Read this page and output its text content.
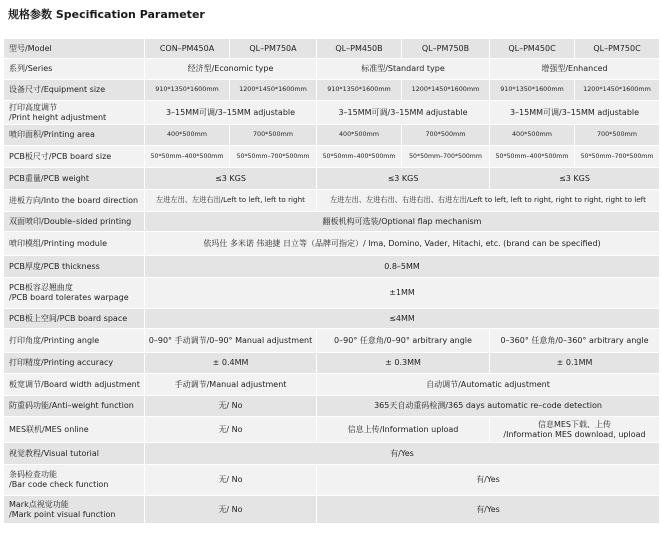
规格参数 Specification Parameter
型号/Model	CON–PM450A	QL–PM750A	QL–PM450B	QL–PM750B	QL–PM450C	QL–PM750C
系列/Series	经济型/Economic type		标准型/Standard type		增强型/Enhanced	
设备尺寸/Equipment size	910*1350*1600mm	1200*1450*1600mm	910*1350*1600mm	1200*1450*1600mm	910*1350*1600mm	1200*1450*1600mm

打印高度调节
/Print height adjustment	3–15MM可调/3–15MM adjustable		3–15MM可调/3–15MM adjustable		3–15MM可调/3–15MM adjustable	
喷印面积/Printing area	400*500mm	700*500mm	400*500mm	700*500mm	400*500mm	700*500mm
PCB板尺寸/PCB board size	50*50mm–400*500mm	50*50mm–700*500mm	50*50mm–400*500mm	50*50mm–700*500mm	50*50mm–400*500mm	50*50mm–700*500mm
PCB重量/PCB weight	≤3 KGS		≤3 KGS		≤3 KGS	
进板方向/Into the board direction	左进左出、左进右出/Left to left, left to right		左进左出、左进右出、右进右出、右进左出/Left to left, left to right, right to right, right to left			
双面喷印/Double–sided printing	翻板机构可选装/Optional flap mechanism					
喷印模组/Printing module	依玛仕 多米诺 伟迪捷 日立等（品牌可指定）/ Ima, Domino, Vader, Hitachi, etc. (brand can be specified)					
PCB厚度/PCB thickness	0.8–5MM					

PCB板容忍翘曲度
/PCB board tolerates warpage	±1MM					
PCB板上空间/PCB board space	≤4MM					
打印角度/Printing angle	0–90° 手动调节/0–90° Manual adjustment		0–90° 任意角/0–90° arbitrary angle		0–360° 任意角/0–360° arbitrary angle	
打印精度/Printing accuracy	± 0.4MM		± 0.3MM		± 0.1MM	
板宽调节/Board width adjustment	手动调节/Manual adjustment		自动调节/Automatic adjustment			
防重码功能/Anti–weight function	无/ No		365天自动重码检测/365 days automatic re–code detection			
MES联机/MES online	无/ No		信息上传/Information upload		信息MES下载、上传
/Information MES download, upload	

视觉教程/Visual tutorial	有/Yes					

条码检查功能
/Bar code check function	无/ No		有/Yes			

Mark点视觉功能
/Mark point visual function	无/ No		有/Yes			
